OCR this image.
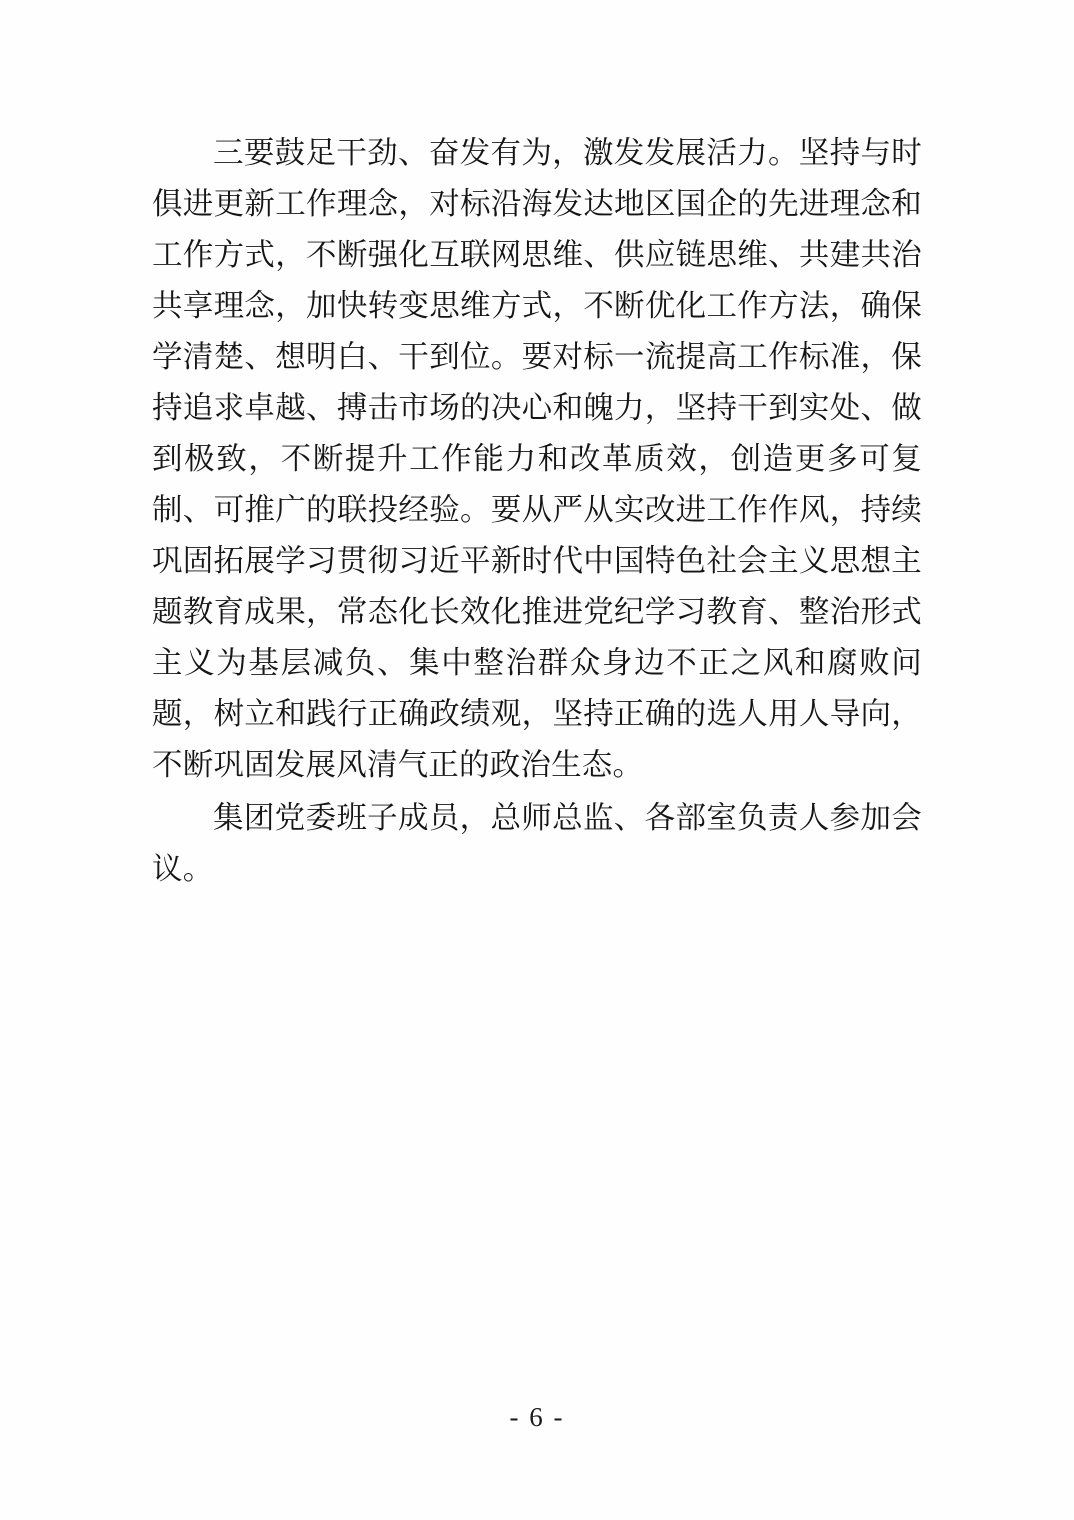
三要鼓足干劲、奋发有为，激发发展活力。坚持与时俱进更新工作理念，对标沿海发达地区国企的先进理念和工作方式，不断强化互联网思维、供应链思维、共建共治共享理念，加快转变思维方式，不断优化工作方法，确保学清楚、想明白、干到位。要对标一流提高工作标准，保持追求卓越、搏击市场的决心和魄力，坚持干到实处、做到极致，不断提升工作能力和改革质效，创造更多可复制、可推广的联投经验。要从严从实改进工作作风，持续巩固拓展学习贯彻习近平新时代中国特色社会主义思想主题教育成果，常态化长效化推进党纪学习教育、整治形式主义为基层减负、集中整治群众身边不正之风和腐败问题，树立和践行正确政绩观，坚持正确的选人用人导向，不断巩固发展风清气正的政治生态。

集团党委班子成员，总师总监、各部室负责人参加会议。

- 6 -
